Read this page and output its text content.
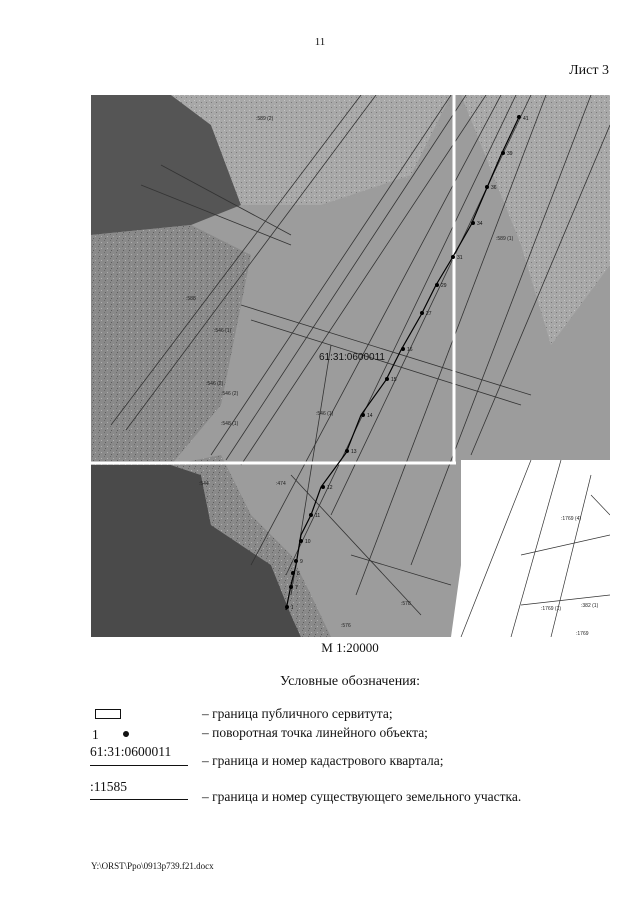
11
Лист 3
61:31:0600011
:589 (2)
:589 (1)
:588
:546 (1)
:546 (2)
:548 (1)
:546 (1)
:546 (2)
:544	:474
:578
:576
:1769 (4)
:1769 (1)
:1769
:382 (1)
41
39
36
34
31
29
27
16
15
14
13
12
11
10
9
8
7
1
М 1:20000
Условные обозначения:
– граница публичного сервитута;
1	– поворотная точка линейного объекта;
61:31:0600011
– граница и номер кадастрового квартала;
:11585
– граница и номер существующего земельного участка.
Y:\ORST\Ppo\0913p739.f21.docx
